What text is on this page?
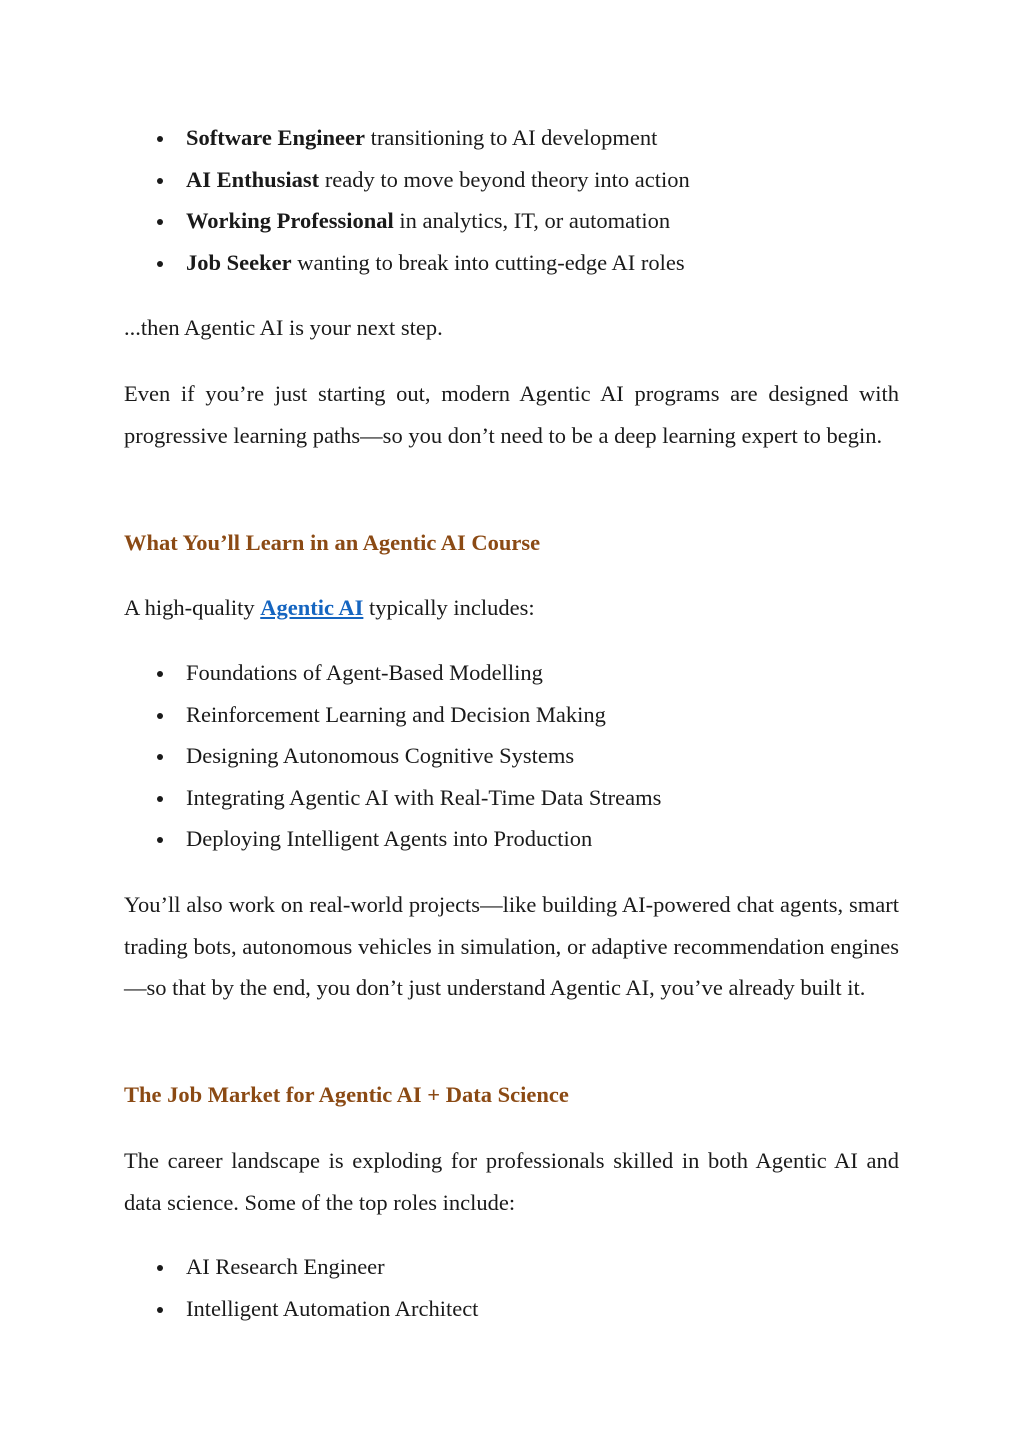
Software Engineer transitioning to AI development
AI Enthusiast ready to move beyond theory into action
Working Professional in analytics, IT, or automation
Job Seeker wanting to break into cutting-edge AI roles

...then Agentic AI is your next step.

Even if you’re just starting out, modern Agentic AI programs are designed with progressive learning paths—so you don’t need to be a deep learning expert to begin.

What You’ll Learn in an Agentic AI Course

A high-quality Agentic AI typically includes:

Foundations of Agent-Based Modelling
Reinforcement Learning and Decision Making
Designing Autonomous Cognitive Systems
Integrating Agentic AI with Real-Time Data Streams
Deploying Intelligent Agents into Production

You’ll also work on real-world projects—like building AI-powered chat agents, smart trading bots, autonomous vehicles in simulation, or adaptive recommendation engines—so that by the end, you don’t just understand Agentic AI, you’ve already built it.

The Job Market for Agentic AI + Data Science

The career landscape is exploding for professionals skilled in both Agentic AI and data science. Some of the top roles include:

AI Research Engineer
Intelligent Automation Architect
